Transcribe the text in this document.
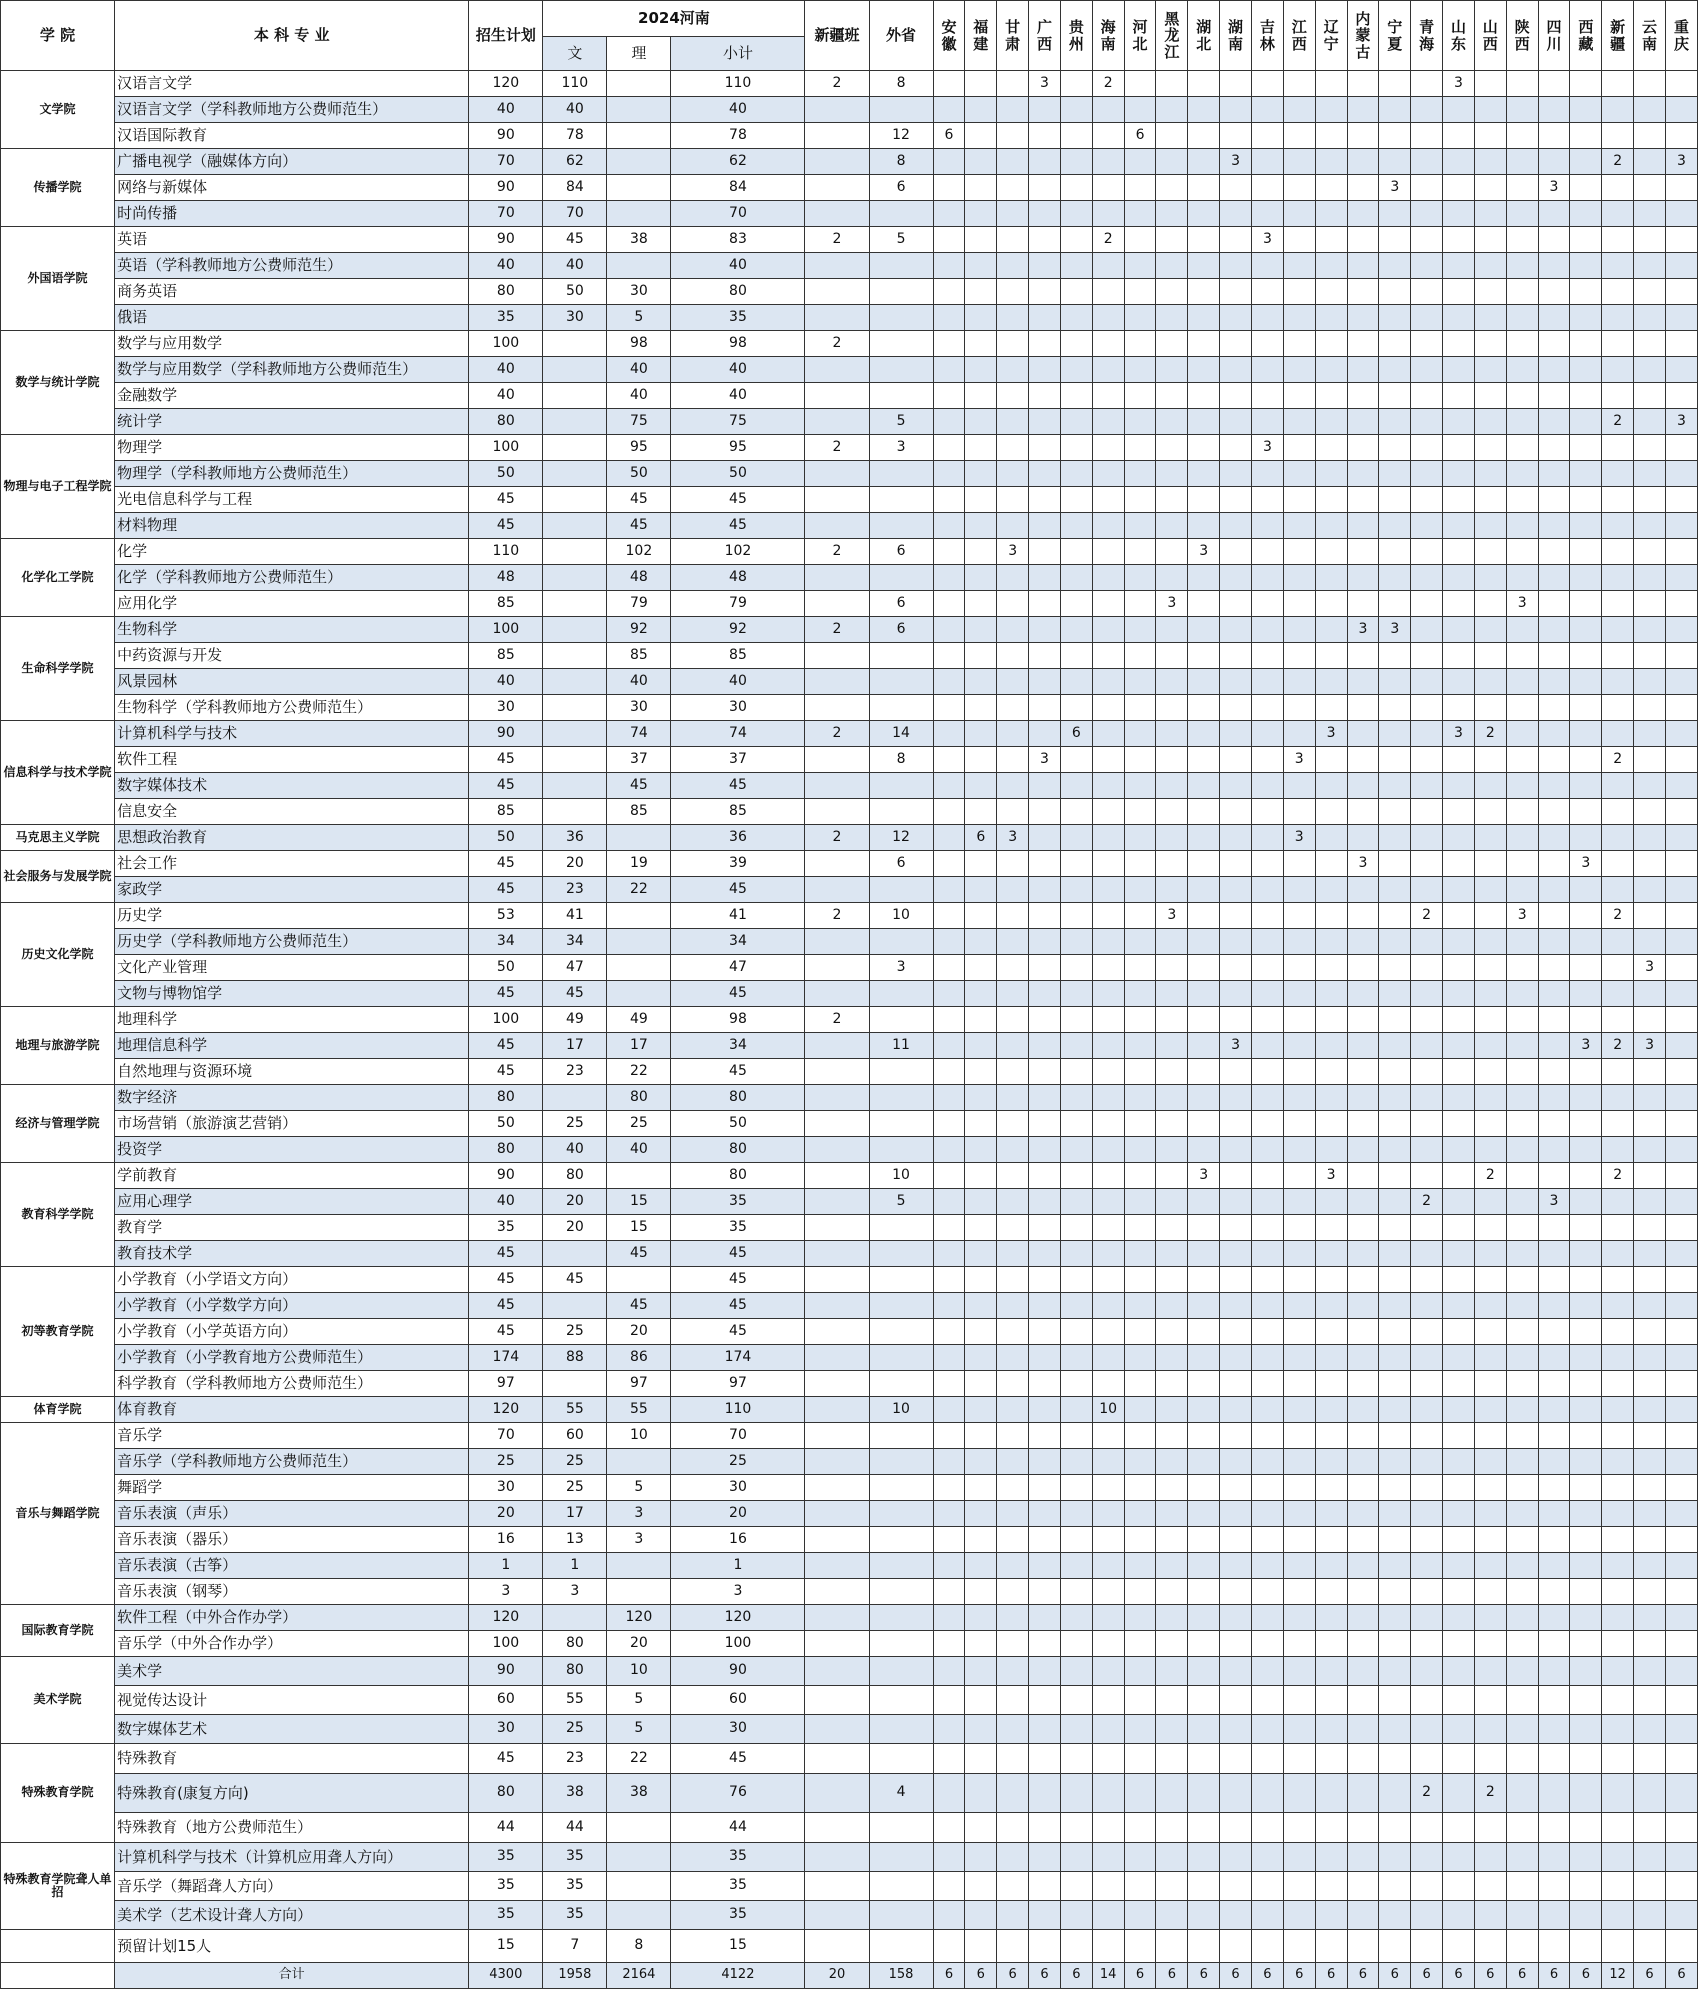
学 院	本 科 专 业	招生计划	2024河南			新疆班	外省	安徽	福建	甘肃	广西	贵州	海南	河北	黑龙江	湖北	湖南	吉林	江西	辽宁	内蒙古	宁夏	青海	山东	山西	陕西	四川	西藏	新疆	云南	重庆
			文	理	小计																										
文学院	汉语言文学	120	110		110	2	8				3		2											3							
	汉语言文学（学科教师地方公费师范生）	40	40		40																										
	汉语国际教育	90	78		78		12	6						6																	
传播学院	广播电视学（融媒体方向）	70	62		62		8										3												2		3
	网络与新媒体	90	84		84		6															3					3				
	时尚传播	70	70		70																										
外国语学院	英语	90	45	38	83	2	5						2					3													
	英语（学科教师地方公费师范生）	40	40		40																										
	商务英语	80	50	30	80																										
	俄语	35	30	5	35																										
数学与统计学院	数学与应用数学	100		98	98	2																									
	数学与应用数学（学科教师地方公费师范生）	40		40	40																										
	金融数学	40		40	40																										
	统计学	80		75	75		5																						2		3
物理与电子工程学院	物理学	100		95	95	2	3											3													
	物理学（学科教师地方公费师范生）	50		50	50																										
	光电信息科学与工程	45		45	45																										
	材料物理	45		45	45																										
化学化工学院	化学	110		102	102	2	6			3						3															
	化学（学科教师地方公费师范生）	48		48	48																										
	应用化学	85		79	79		6								3											3					
生命科学学院	生物科学	100		92	92	2	6														3	3									
	中药资源与开发	85		85	85																										
	风景园林	40		40	40																										
	生物科学（学科教师地方公费师范生）	30		30	30																										
信息科学与技术学院	计算机科学与技术	90		74	74	2	14					6								3				3	2						
	软件工程	45		37	37		8				3								3										2		
	数字媒体技术	45		45	45																										
	信息安全	85		85	85																										
马克思主义学院	思想政治教育	50	36		36	2	12		6	3									3												
社会服务与发展学院	社会工作	45	20	19	39		6														3							3			
	家政学	45	23	22	45																										
历史文化学院	历史学	53	41		41	2	10								3								2			3			2		
	历史学（学科教师地方公费师范生）	34	34		34																										
	文化产业管理	50	47		47		3																							3	
	文物与博物馆学	45	45		45																										
地理与旅游学院	地理科学	100	49	49	98	2																									
	地理信息科学	45	17	17	34		11										3											3	2	3	
	自然地理与资源环境	45	23	22	45																										
经济与管理学院	数字经济	80		80	80																										
	市场营销（旅游演艺营销）	50	25	25	50																										
	投资学	80	40	40	80																										
教育科学学院	学前教育	90	80		80		10									3				3					2				2		
	应用心理学	40	20	15	35		5																2				3				
	教育学	35	20	15	35																										
	教育技术学	45		45	45																										
初等教育学院	小学教育（小学语文方向）	45	45		45																										
	小学教育（小学数学方向）	45		45	45																										
	小学教育（小学英语方向）	45	25	20	45																										
	小学教育（小学教育地方公费师范生）	174	88	86	174																										
	科学教育（学科教师地方公费师范生）	97		97	97																										
体育学院	体育教育	120	55	55	110		10						10																		
音乐与舞蹈学院	音乐学	70	60	10	70																										
	音乐学（学科教师地方公费师范生）	25	25		25																										
	舞蹈学	30	25	5	30																										
	音乐表演（声乐）	20	17	3	20																										
	音乐表演（器乐）	16	13	3	16																										
	音乐表演（古筝）	1	1		1																										
	音乐表演（钢琴）	3	3		3																										
国际教育学院	软件工程（中外合作办学）	120		120	120																										
	音乐学（中外合作办学）	100	80	20	100																										
美术学院	美术学	90	80	10	90																										
	视觉传达设计	60	55	5	60																										
	数字媒体艺术	30	25	5	30																										
特殊教育学院	特殊教育	45	23	22	45																										
	特殊教育(康复方向)	80	38	38	76		4																2		2						
	特殊教育（地方公费师范生）	44	44		44																										
特殊教育学院聋人单招	计算机科学与技术（计算机应用聋人方向）	35	35		35																										
	音乐学（舞蹈聋人方向）	35	35		35																										
	美术学（艺术设计聋人方向）	35	35		35																										
	预留计划15人	15	7	8	15																										
	合计	4300	1958	2164	4122	20	158	6	6	6	6	6	14	6	6	6	6	6	6	6	6	6	6	6	6	6	6	6	12	6	6
